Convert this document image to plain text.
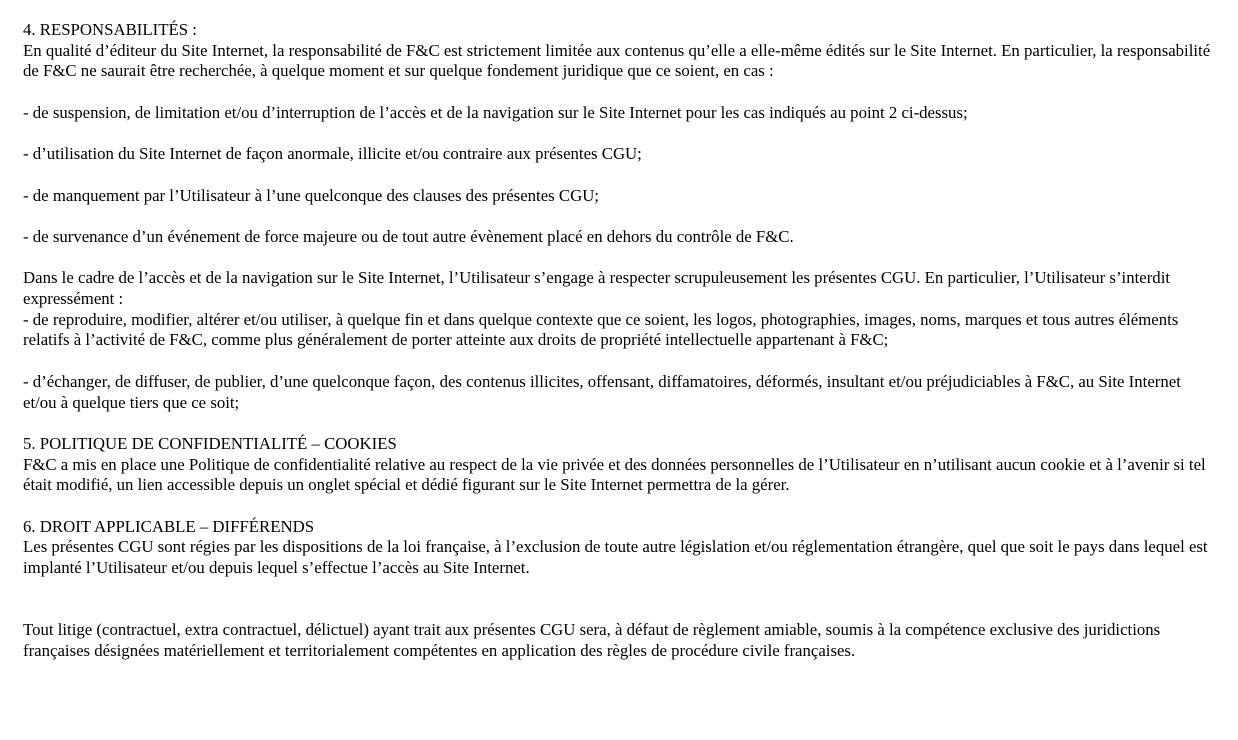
4. RESPONSABILITÉS :

En qualité d’éditeur du Site Internet, la responsabilité de F&C est strictement limitée aux contenus qu’elle a elle-même édités sur le Site Internet. En particulier, la responsabilité de F&C ne saurait être recherchée, à quelque moment et sur quelque fondement juridique que ce soient, en cas :

- de suspension, de limitation et/ou d’interruption de l’accès et de la navigation sur le Site Internet pour les cas indiqués au point 2 ci-dessus;

- d’utilisation du Site Internet de façon anormale, illicite et/ou contraire aux présentes CGU;

- de manquement par l’Utilisateur à l’une quelconque des clauses des présentes CGU;

- de survenance d’un événement de force majeure ou de tout autre évènement placé en dehors du contrôle de F&C.

Dans le cadre de l’accès et de la navigation sur le Site Internet, l’Utilisateur s’engage à respecter scrupuleusement les présentes CGU. En particulier, l’Utilisateur s’interdit expressément :

- de reproduire, modifier, altérer et/ou utiliser, à quelque fin et dans quelque contexte que ce soient, les logos, photographies, images, noms, marques et tous autres éléments relatifs à l’activité de F&C, comme plus généralement de porter atteinte aux droits de propriété intellectuelle appartenant à F&C;

- d’échanger, de diffuser, de publier, d’une quelconque façon, des contenus illicites, offensant, diffamatoires, déformés, insultant et/ou préjudiciables à F&C, au Site Internet et/ou à quelque tiers que ce soit;

5. POLITIQUE DE CONFIDENTIALITÉ – COOKIES

F&C a mis en place une Politique de confidentialité relative au respect de la vie privée et des données personnelles de l’Utilisateur en n’utilisant aucun cookie et à l’avenir si tel était modifié, un lien accessible depuis un onglet spécial et dédié figurant sur le Site Internet permettra de la gérer.

6. DROIT APPLICABLE – DIFFÉRENDS

Les présentes CGU sont régies par les dispositions de la loi française, à l’exclusion de toute autre législation et/ou réglementation étrangère, quel que soit le pays dans lequel est implanté l’Utilisateur et/ou depuis lequel s’effectue l’accès au Site Internet.

Tout litige (contractuel, extra contractuel, délictuel) ayant trait aux présentes CGU sera, à défaut de règlement amiable, soumis à la compétence exclusive des juridictions françaises désignées matériellement et territorialement compétentes en application des règles de procédure civile françaises.
